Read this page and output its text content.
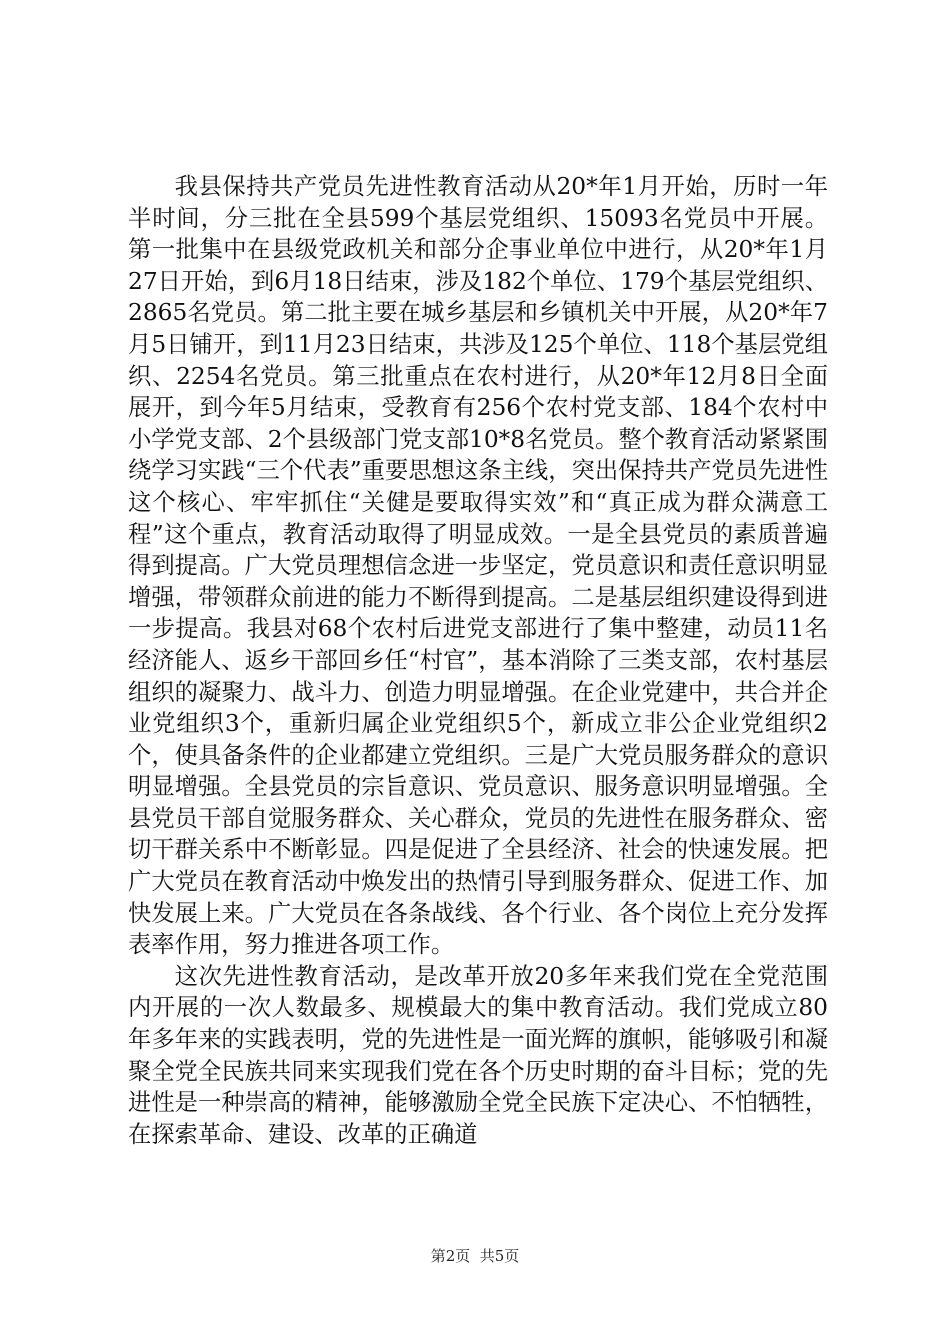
我县保持共产党员先进性教育活动从20*年1月开始，历时一年半时间，分三批在全县599个基层党组织、15093名党员中开展。第一批集中在县级党政机关和部分企事业单位中进行，从20*年1月27日开始，到6月18日结束，涉及182个单位、179个基层党组织、2865名党员。第二批主要在城乡基层和乡镇机关中开展，从20*年7月5日铺开，到11月23日结束，共涉及125个单位、118个基层党组织、2254名党员。第三批重点在农村进行，从20*年12月8日全面展开，到今年5月结束，受教育有256个农村党支部、184个农村中小学党支部、2个县级部门党支部10*8名党员。整个教育活动紧紧围绕学习实践“三个代表”重要思想这条主线，突出保持共产党员先进性这个核心、牢牢抓住“关健是要取得实效”和“真正成为群众满意工程”这个重点，教育活动取得了明显成效。一是全县党员的素质普遍得到提高。广大党员理想信念进一步坚定，党员意识和责任意识明显增强，带领群众前进的能力不断得到提高。二是基层组织建设得到进一步提高。我县对68个农村后进党支部进行了集中整建，动员11名经济能人、返乡干部回乡任“村官”，基本消除了三类支部，农村基层组织的凝聚力、战斗力、创造力明显增强。在企业党建中，共合并企业党组织3个，重新归属企业党组织5个，新成立非公企业党组织2个，使具备条件的企业都建立党组织。三是广大党员服务群众的意识明显增强。全县党员的宗旨意识、党员意识、服务意识明显增强。全县党员干部自觉服务群众、关心群众，党员的先进性在服务群众、密切干群关系中不断彰显。四是促进了全县经济、社会的快速发展。把广大党员在教育活动中焕发出的热情引导到服务群众、促进工作、加快发展上来。广大党员在各条战线、各个行业、各个岗位上充分发挥表率作用，努力推进各项工作。

这次先进性教育活动，是改革开放20多年来我们党在全党范围内开展的一次人数最多、规模最大的集中教育活动。我们党成立80年多年来的实践表明，党的先进性是一面光辉的旗帜，能够吸引和凝聚全党全民族共同来实现我们党在各个历史时期的奋斗目标；党的先进性是一种崇高的精神，能够激励全党全民族下定决心、不怕牺牲，在探索革命、建设、改革的正确道

第2页  共5页
